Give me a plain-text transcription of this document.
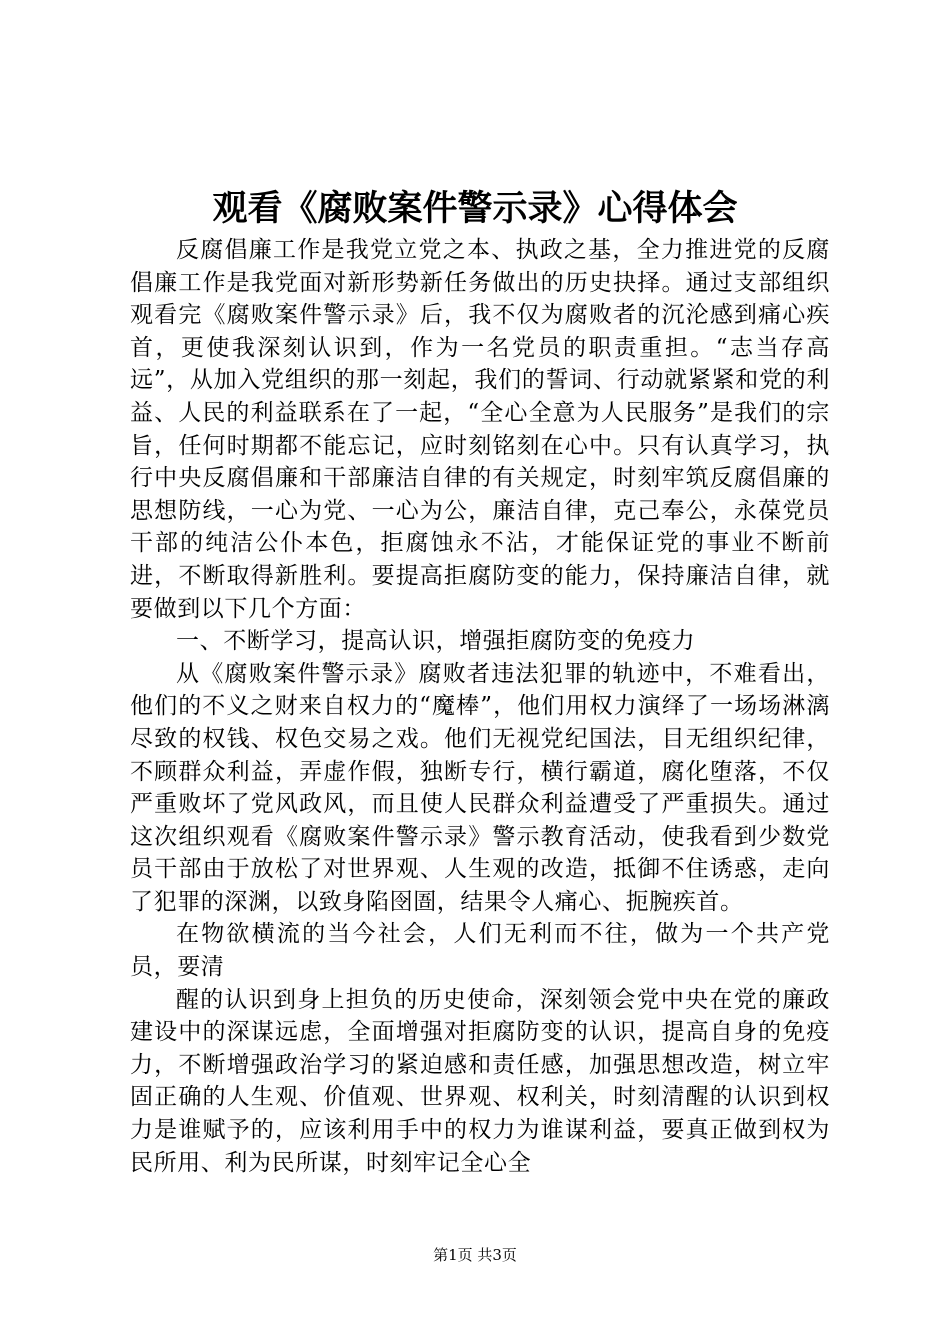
观看《腐败案件警示录》心得体会

反腐倡廉工作是我党立党之本、执政之基，全力推进党的反腐倡廉工作是我党面对新形势新任务做出的历史抉择。通过支部组织观看完《腐败案件警示录》后，我不仅为腐败者的沉沦感到痛心疾首，更使我深刻认识到，作为一名党员的职责重担。“志当存高远”，从加入党组织的那一刻起，我们的誓词、行动就紧紧和党的利益、人民的利益联系在了一起，“全心全意为人民服务”是我们的宗旨，任何时期都不能忘记，应时刻铭刻在心中。只有认真学习，执行中央反腐倡廉和干部廉洁自律的有关规定，时刻牢筑反腐倡廉的思想防线，一心为党、一心为公，廉洁自律，克己奉公，永葆党员干部的纯洁公仆本色，拒腐蚀永不沾，才能保证党的事业不断前进，不断取得新胜利。要提高拒腐防变的能力，保持廉洁自律，就要做到以下几个方面：

一、不断学习，提高认识，增强拒腐防变的免疫力

从《腐败案件警示录》腐败者违法犯罪的轨迹中，不难看出，他们的不义之财来自权力的“魔棒”，他们用权力演绎了一场场淋漓尽致的权钱、权色交易之戏。他们无视党纪国法，目无组织纪律，不顾群众利益，弄虚作假，独断专行，横行霸道，腐化堕落，不仅严重败坏了党风政风，而且使人民群众利益遭受了严重损失。通过这次组织观看《腐败案件警示录》警示教育活动，使我看到少数党员干部由于放松了对世界观、人生观的改造，抵御不住诱惑，走向了犯罪的深渊，以致身陷囹圄，结果令人痛心、扼腕疾首。

在物欲横流的当今社会，人们无利而不往，做为一个共产党员，要清

醒的认识到身上担负的历史使命，深刻领会党中央在党的廉政建设中的深谋远虑，全面增强对拒腐防变的认识，提高自身的免疫力，不断增强政治学习的紧迫感和责任感，加强思想改造，树立牢固正确的人生观、价值观、世界观、权利关，时刻清醒的认识到权力是谁赋予的，应该利用手中的权力为谁谋利益，要真正做到权为民所用、利为民所谋，时刻牢记全心全

第1页 共3页
